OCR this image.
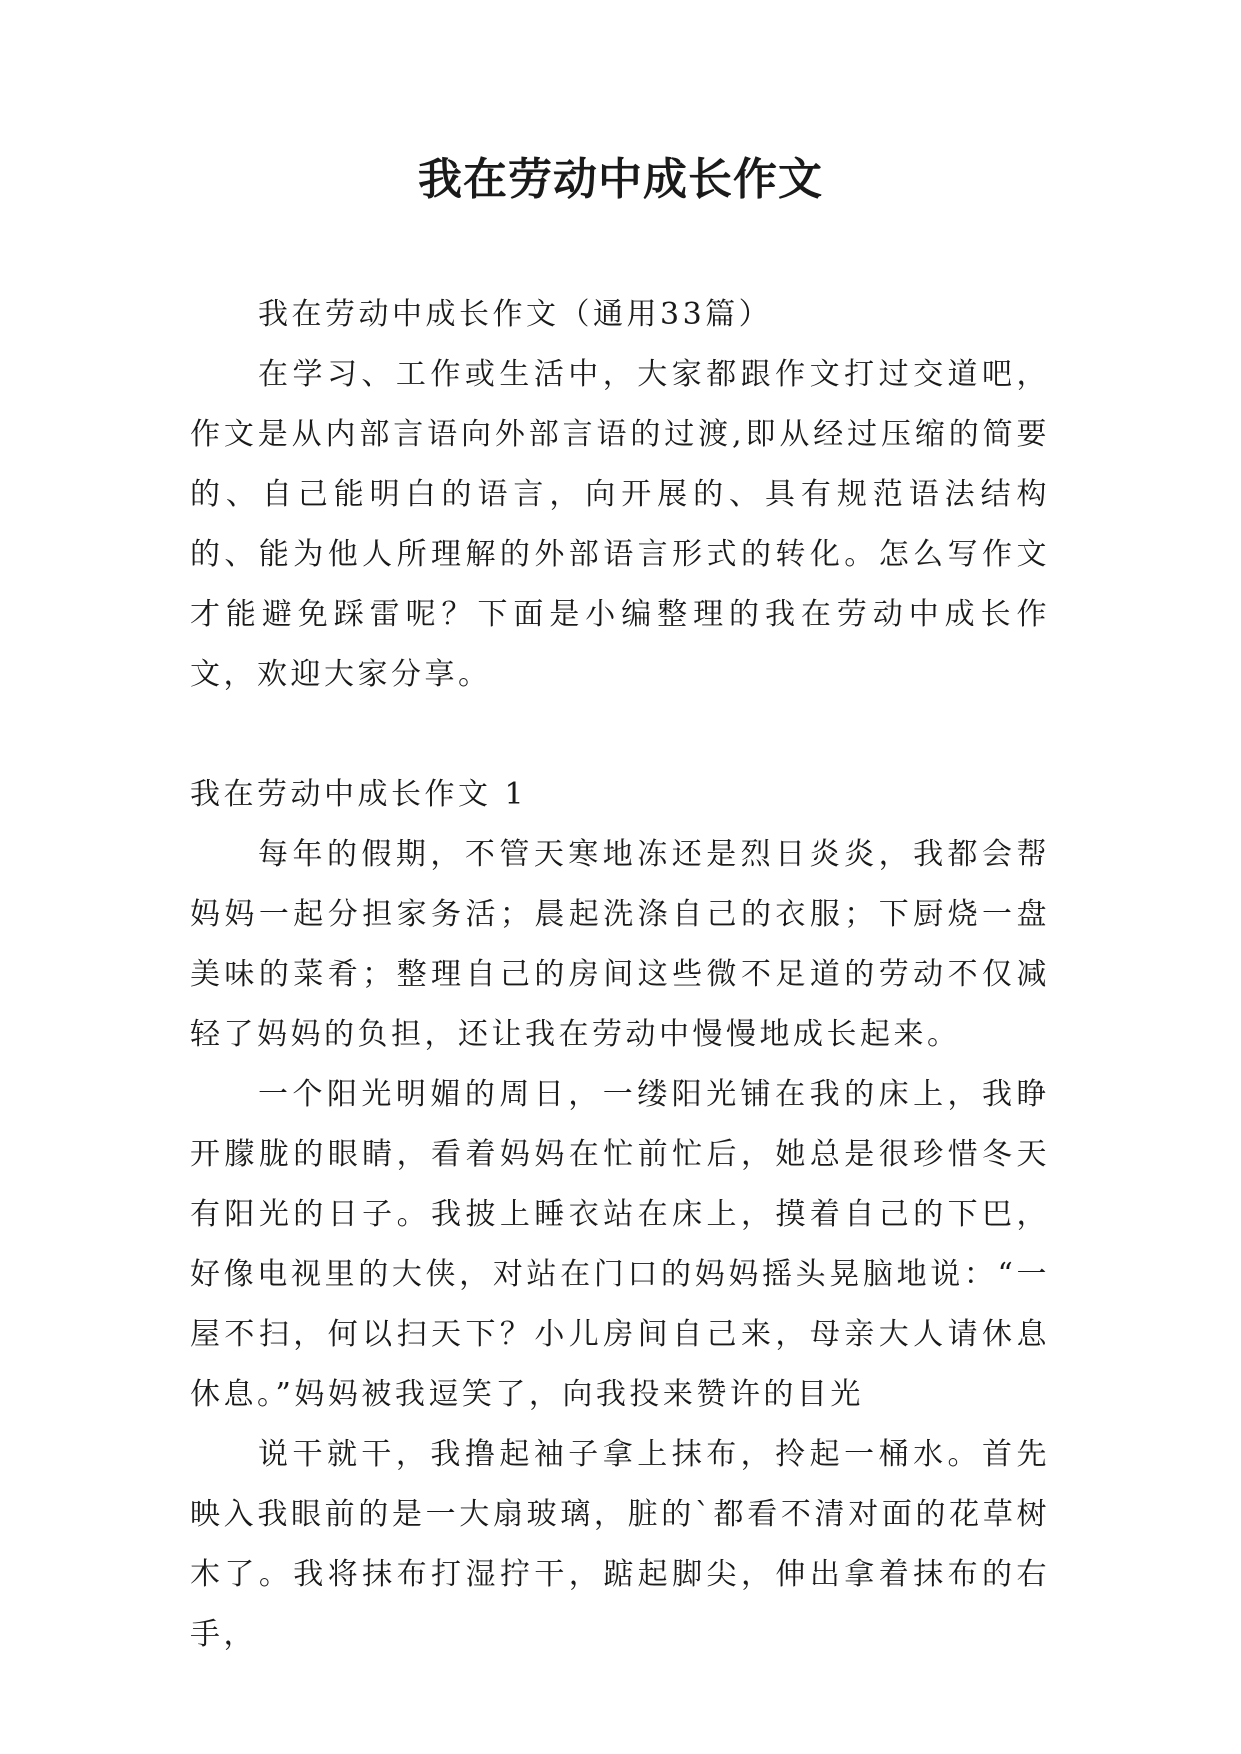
我在劳动中成长作文

我在劳动中成长作文（通用33篇）

在学习、工作或生活中，大家都跟作文打过交道吧，作文是从内部言语向外部言语的过渡,即从经过压缩的简要的、自己能明白的语言，向开展的、具有规范语法结构的、能为他人所理解的外部语言形式的转化。怎么写作文才能避免踩雷呢？下面是小编整理的我在劳动中成长作文，欢迎大家分享。

我在劳动中成长作文 1

每年的假期，不管天寒地冻还是烈日炎炎，我都会帮妈妈一起分担家务活；晨起洗涤自己的衣服；下厨烧一盘美味的菜肴；整理自己的房间这些微不足道的劳动不仅减轻了妈妈的负担，还让我在劳动中慢慢地成长起来。

一个阳光明媚的周日，一缕阳光铺在我的床上，我睁开朦胧的眼睛，看着妈妈在忙前忙后，她总是很珍惜冬天有阳光的日子。我披上睡衣站在床上，摸着自己的下巴，好像电视里的大侠，对站在门口的妈妈摇头晃脑地说：“一屋不扫，何以扫天下？小儿房间自己来，母亲大人请休息休息。”妈妈被我逗笑了，向我投来赞许的目光

说干就干，我撸起袖子拿上抹布，拎起一桶水。首先映入我眼前的是一大扇玻璃，脏的`都看不清对面的花草树木了。我将抹布打湿拧干，踮起脚尖，伸出拿着抹布的右手，
